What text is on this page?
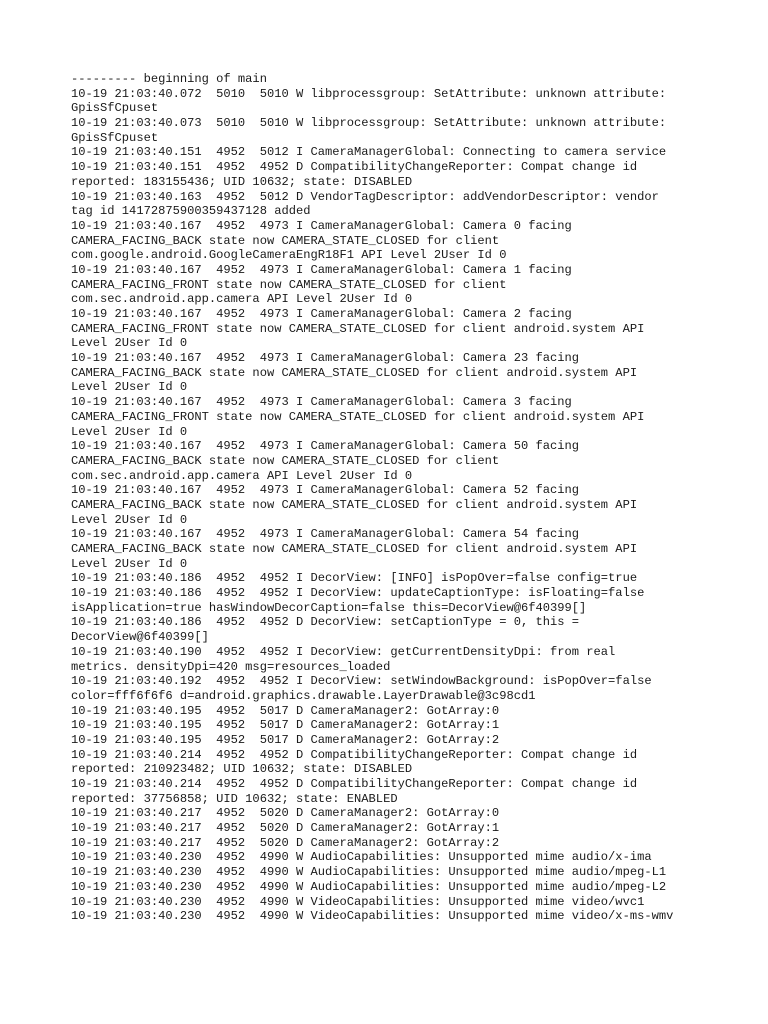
--------- beginning of main
10-19 21:03:40.072  5010  5010 W libprocessgroup: SetAttribute: unknown attribute:
GpisSfCpuset
10-19 21:03:40.073  5010  5010 W libprocessgroup: SetAttribute: unknown attribute:
GpisSfCpuset
10-19 21:03:40.151  4952  5012 I CameraManagerGlobal: Connecting to camera service
10-19 21:03:40.151  4952  4952 D CompatibilityChangeReporter: Compat change id
reported: 183155436; UID 10632; state: DISABLED
10-19 21:03:40.163  4952  5012 D VendorTagDescriptor: addVendorDescriptor: vendor
tag id 14172875900359437128 added
10-19 21:03:40.167  4952  4973 I CameraManagerGlobal: Camera 0 facing
CAMERA_FACING_BACK state now CAMERA_STATE_CLOSED for client
com.google.android.GoogleCameraEngR18F1 API Level 2User Id 0
10-19 21:03:40.167  4952  4973 I CameraManagerGlobal: Camera 1 facing
CAMERA_FACING_FRONT state now CAMERA_STATE_CLOSED for client
com.sec.android.app.camera API Level 2User Id 0
10-19 21:03:40.167  4952  4973 I CameraManagerGlobal: Camera 2 facing
CAMERA_FACING_FRONT state now CAMERA_STATE_CLOSED for client android.system API
Level 2User Id 0
10-19 21:03:40.167  4952  4973 I CameraManagerGlobal: Camera 23 facing
CAMERA_FACING_BACK state now CAMERA_STATE_CLOSED for client android.system API
Level 2User Id 0
10-19 21:03:40.167  4952  4973 I CameraManagerGlobal: Camera 3 facing
CAMERA_FACING_FRONT state now CAMERA_STATE_CLOSED for client android.system API
Level 2User Id 0
10-19 21:03:40.167  4952  4973 I CameraManagerGlobal: Camera 50 facing
CAMERA_FACING_BACK state now CAMERA_STATE_CLOSED for client
com.sec.android.app.camera API Level 2User Id 0
10-19 21:03:40.167  4952  4973 I CameraManagerGlobal: Camera 52 facing
CAMERA_FACING_BACK state now CAMERA_STATE_CLOSED for client android.system API
Level 2User Id 0
10-19 21:03:40.167  4952  4973 I CameraManagerGlobal: Camera 54 facing
CAMERA_FACING_BACK state now CAMERA_STATE_CLOSED for client android.system API
Level 2User Id 0
10-19 21:03:40.186  4952  4952 I DecorView: [INFO] isPopOver=false config=true
10-19 21:03:40.186  4952  4952 I DecorView: updateCaptionType: isFloating=false
isApplication=true hasWindowDecorCaption=false this=DecorView@6f40399[]
10-19 21:03:40.186  4952  4952 D DecorView: setCaptionType = 0, this =
DecorView@6f40399[]
10-19 21:03:40.190  4952  4952 I DecorView: getCurrentDensityDpi: from real
metrics. densityDpi=420 msg=resources_loaded
10-19 21:03:40.192  4952  4952 I DecorView: setWindowBackground: isPopOver=false
color=fff6f6f6 d=android.graphics.drawable.LayerDrawable@3c98cd1
10-19 21:03:40.195  4952  5017 D CameraManager2: GotArray:0
10-19 21:03:40.195  4952  5017 D CameraManager2: GotArray:1
10-19 21:03:40.195  4952  5017 D CameraManager2: GotArray:2
10-19 21:03:40.214  4952  4952 D CompatibilityChangeReporter: Compat change id
reported: 210923482; UID 10632; state: DISABLED
10-19 21:03:40.214  4952  4952 D CompatibilityChangeReporter: Compat change id
reported: 37756858; UID 10632; state: ENABLED
10-19 21:03:40.217  4952  5020 D CameraManager2: GotArray:0
10-19 21:03:40.217  4952  5020 D CameraManager2: GotArray:1
10-19 21:03:40.217  4952  5020 D CameraManager2: GotArray:2
10-19 21:03:40.230  4952  4990 W AudioCapabilities: Unsupported mime audio/x-ima
10-19 21:03:40.230  4952  4990 W AudioCapabilities: Unsupported mime audio/mpeg-L1
10-19 21:03:40.230  4952  4990 W AudioCapabilities: Unsupported mime audio/mpeg-L2
10-19 21:03:40.230  4952  4990 W VideoCapabilities: Unsupported mime video/wvc1
10-19 21:03:40.230  4952  4990 W VideoCapabilities: Unsupported mime video/x-ms-wmv
